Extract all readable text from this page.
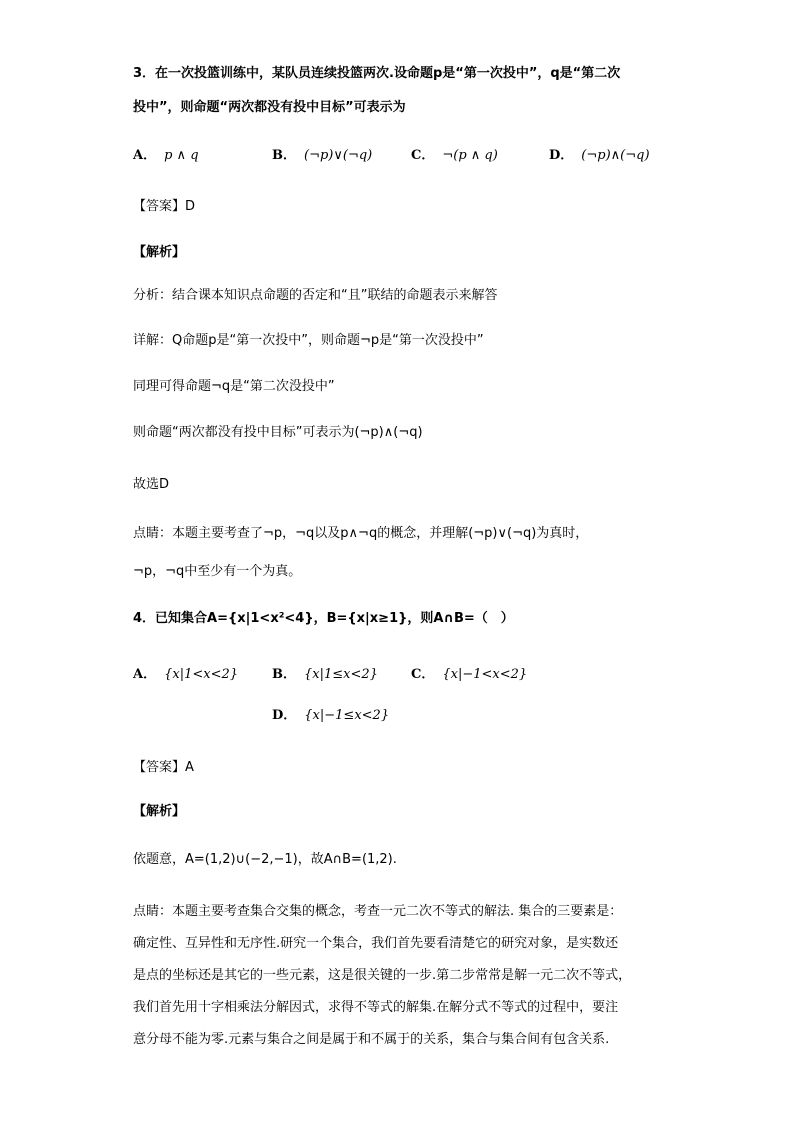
3．在一次投篮训练中，某队员连续投篮两次.设命题p是“第一次投中”，q是“第二次
投中”，则命题“两次都没有投中目标”可表示为
A． p ∧ q	B． (¬p)∨(¬q)	C． ¬(p ∧ q)	D． (¬p)∧(¬q)
【答案】D
【解析】
分析：结合课本知识点命题的否定和“且”联结的命题表示来解答
详解：Q命题p是“第一次投中”，则命题¬p是“第一次没投中”
同理可得命题¬q是“第二次没投中”
则命题“两次都没有投中目标”可表示为(¬p)∧(¬q)
故选D
点睛：本题主要考查了¬p，¬q以及p∧¬q的概念，并理解(¬p)∨(¬q)为真时，
¬p，¬q中至少有一个为真。
4．已知集合A={x|1<x²<4}，B={x|x≥1}，则A∩B=（　）
A． {x|1<x<2}	B． {x|1≤x<2}	C． {x|−1<x<2}
D． {x|−1≤x<2}
【答案】A
【解析】
依题意，A=(1,2)∪(−2,−1)，故A∩B=(1,2).
点睛：本题主要考查集合交集的概念，考查一元二次不等式的解法. 集合的三要素是：
确定性、互异性和无序性.研究一个集合，我们首先要看清楚它的研究对象，是实数还
是点的坐标还是其它的一些元素，这是很关键的一步.第二步常常是解一元二次不等式，
我们首先用十字相乘法分解因式，求得不等式的解集.在解分式不等式的过程中，要注
意分母不能为零.元素与集合之间是属于和不属于的关系，集合与集合间有包含关系.
